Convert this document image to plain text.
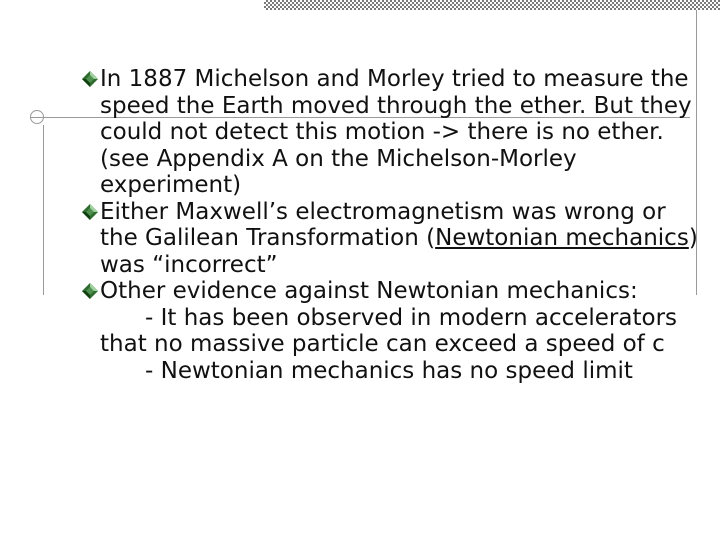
In 1887 Michelson and Morley tried to measure the speed the Earth moved through the ether. But they could not detect this motion -> there is no ether. (see Appendix A on the Michelson-Morley experiment)
Either Maxwell’s electromagnetism was wrong or the Galilean Transformation (Newtonian mechanics) was “incorrect”
Other evidence against Newtonian mechanics:
- It has been observed in modern accelerators that no massive particle can exceed a speed of c
- Newtonian mechanics has no speed limit
